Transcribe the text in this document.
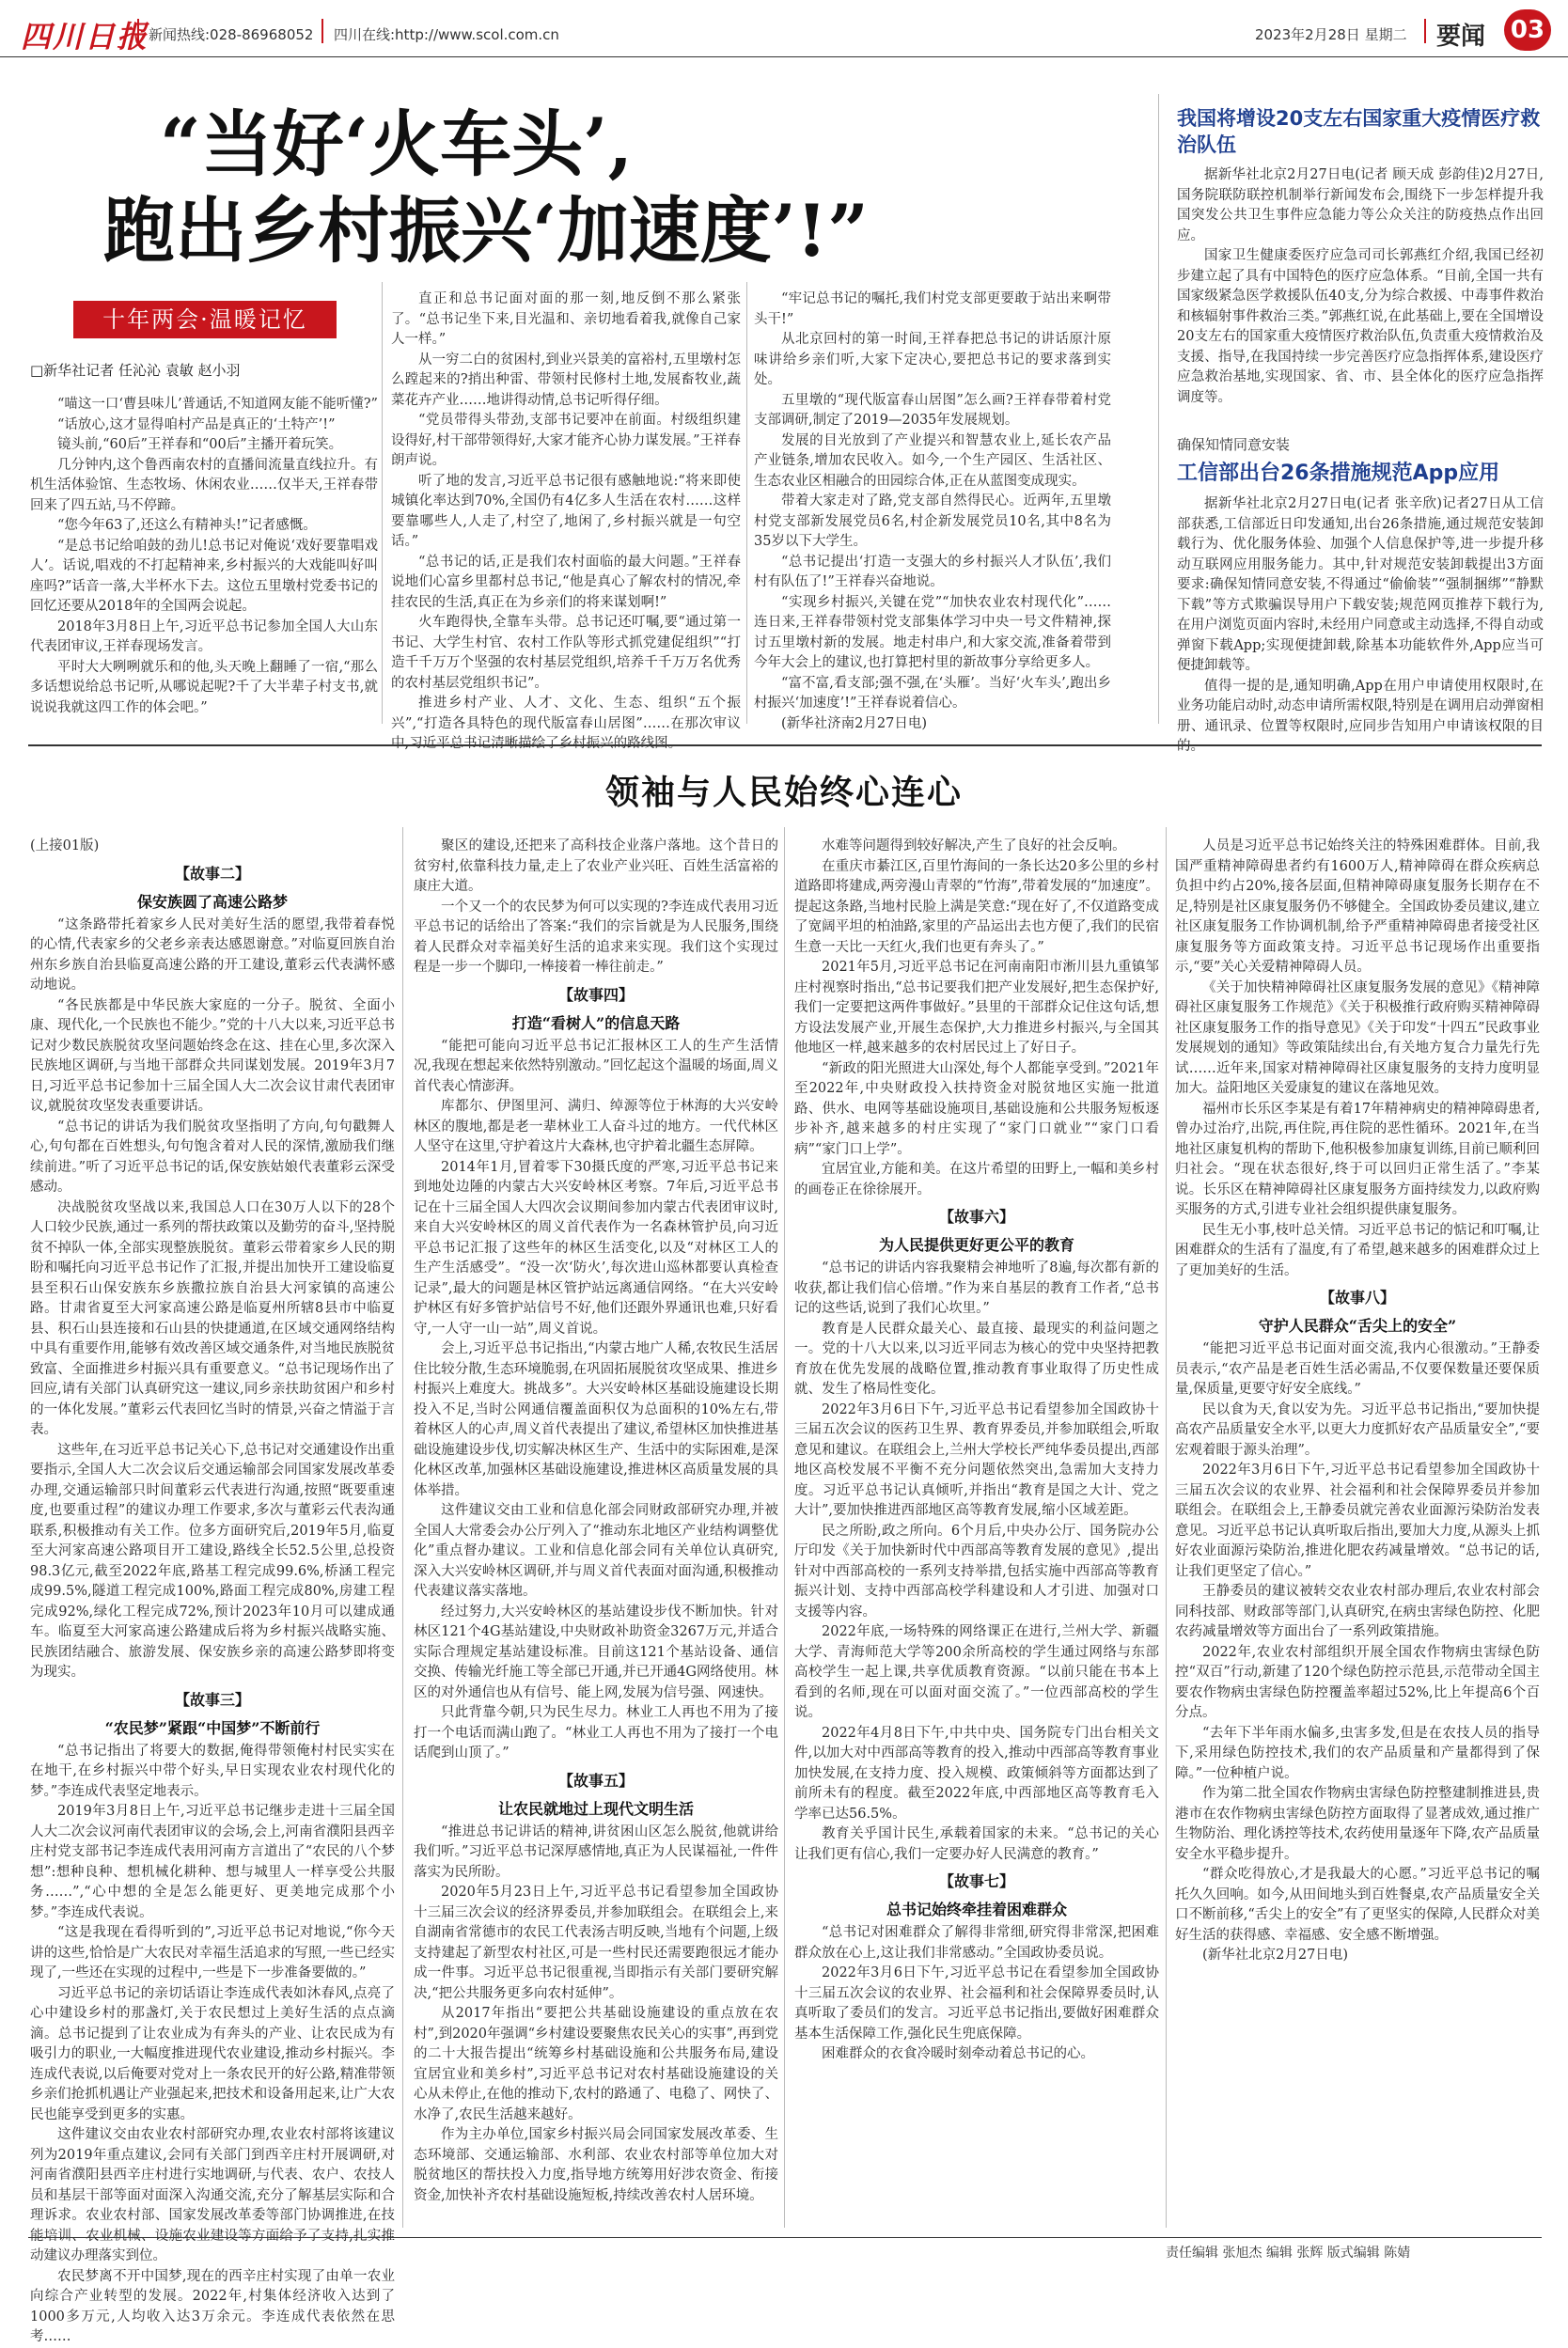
四川日报 新闻热线:028-86968052 四川在线:http://www.scol.com.cn	2023年2月28日 星期二 要闻 03
“当好‘火车头’,
跑出乡村振兴‘加速度’!”
十年两会·温暖记忆
□新华社记者 任沁沁 袁敏 赵小羽

“喵这一口‘曹县味儿’普通话,不知道网友能不能听懂?”

“话放心,这才显得咱村产品是真正的‘土特产’!”

镜头前,“60后”王祥春和“00后”主播开着玩笑。

几分钟内,这个鲁西南农村的直播间流量直线拉升。有机生活体验馆、生态牧场、休闲农业……仅半天,王祥春带回来了四五站,马不停蹄。

“您今年63了,还这么有精神头!”记者感慨。

“是总书记给咱鼓的劲儿!总书记对俺说‘戏好要靠唱戏人’。话说,唱戏的不打起精神来,乡村振兴的大戏能叫好叫座吗?”话音一落,大半杯水下去。这位五里墩村党委书记的回忆还要从2018年的全国两会说起。

2018年3月8日上午,习近平总书记参加全国人大山东代表团审议,王祥春现场发言。

平时大大咧咧就乐和的他,头天晚上翻睡了一宿,“那么多话想说给总书记听,从哪说起呢?千了大半辈子村支书,就说说我就这四工作的体会吧。”

直正和总书记面对面的那一刻,地反倒不那么紧张了。“总书记坐下来,目光温和、亲切地看着我,就像自己家人一样。”

从一穷二白的贫困村,到业兴景美的富裕村,五里墩村怎么蹚起来的?捎出种雷、带领村民修村土地,发展畜牧业,蔬菜花卉产业……地讲得动情,总书记听得仔细。

“党员带得头带劲,支部书记要冲在前面。村级组织建设得好,村干部带领得好,大家才能齐心协力谋发展。”王祥春朗声说。

听了地的发言,习近平总书记很有感触地说:“将来即使城镇化率达到70%,全国仍有4亿多人生活在农村……这样要靠哪些人,人走了,村空了,地闲了,乡村振兴就是一句空话。”

“总书记的话,正是我们农村面临的最大问题。”王祥春说地们心富乡里都村总书记,“他是真心了解农村的情况,牵挂农民的生活,真正在为乡亲们的将来谋划啊!”

火车跑得快,全靠车头带。总书记还叮嘱,要“通过第一书记、大学生村官、农村工作队等形式抓党建促组织”“打造千千万万个坚强的农村基层党组织,培养千千万万名优秀的农村基层党组织书记”。

推进乡村产业、人才、文化、生态、组织“五个振兴”,“打造各具特色的现代版富春山居图”……在那次审议中,习近平总书记清晰描绘了乡村振兴的路线图。

“牢记总书记的嘱托,我们村党支部更要敢于站出来啊带头干!”

从北京回村的第一时间,王祥春把总书记的讲话原汁原味讲给乡亲们听,大家下定决心,要把总书记的要求落到实处。

五里墩的“现代版富春山居图”怎么画?王祥春带着村党支部调研,制定了2019—2035年发展规划。

发展的目光放到了产业提兴和智慧农业上,延长农产品产业链条,增加农民收入。如今,一个生产园区、生活社区、生态农业区相融合的田园综合体,正在从蓝图变成现实。

带着大家走对了路,党支部自然得民心。近两年,五里墩村党支部新发展党员6名,村企新发展党员10名,其中8名为35岁以下大学生。

“总书记提出‘打造一支强大的乡村振兴人才队伍’,我们村有队伍了!”王祥春兴奋地说。

“实现乡村振兴,关键在党”“加快农业农村现代化”……连日来,王祥春带领村党支部集体学习中央一号文件精神,探讨五里墩村新的发展。地走村串户,和大家交流,准备着带到今年大会上的建议,也打算把村里的新故事分享给更多人。

“富不富,看支部;强不强,在‘头雁’。当好‘火车头’,跑出乡村振兴‘加速度’!”王祥春说着信心。

(新华社济南2月27日电)

我国将增设20支左右国家重大疫情医疗救治队伍

据新华社北京2月27日电(记者 顾天成 彭韵佳)2月27日,国务院联防联控机制举行新闻发布会,围绕下一步怎样提升我国突发公共卫生事件应急能力等公众关注的防疫热点作出回应。

国家卫生健康委医疗应急司司长郭燕红介绍,我国已经初步建立起了具有中国特色的医疗应急体系。“目前,全国一共有国家级紧急医学救援队伍40支,分为综合救援、中毒事件救治和核辐射事件救治三类。”郭燕红说,在此基础上,要在全国增设20支左右的国家重大疫情医疗救治队伍,负责重大疫情救治及支援、指导,在我国持续一步完善医疗应急指挥体系,建设医疗应急救治基地,实现国家、省、市、县全体化的医疗应急指挥调度等。

确保知情同意安装
工信部出台26条措施规范App应用

据新华社北京2月27日电(记者 张辛欣)记者27日从工信部获悉,工信部近日印发通知,出台26条措施,通过规范安装卸载行为、优化服务体验、加强个人信息保护等,进一步提升移动互联网应用服务能力。其中,针对规范安装卸载提出3方面要求:确保知情同意安装,不得通过“偷偷装”“强制捆绑”“静默下载”等方式欺骗误导用户下载安装;规范网页推荐下载行为,在用户浏览页面内容时,未经用户同意或主动选择,不得自动或弹窗下载App;实现便捷卸载,除基本功能软件外,App应当可便捷卸载等。

值得一提的是,通知明确,App在用户申请使用权限时,在业务功能启动时,动态申请所需权限,特别是在调用启动弹窗相册、通讯录、位置等权限时,应同步告知用户申请该权限的目的。

领袖与人民始终心连心

(上接01版)

【故事二】
保安族圆了高速公路梦

“这条路带托着家乡人民对美好生活的愿望,我带着春悦的心情,代表家乡的父老乡亲表达感恩谢意。”对临夏回族自治州东乡族自治县临夏高速公路的开工建设,董彩云代表满怀感动地说。

“各民族都是中华民族大家庭的一分子。脱贫、全面小康、现代化,一个民族也不能少。”党的十八大以来,习近平总书记对少数民族脱贫攻坚问题始终念在这、挂在心里,多次深入民族地区调研,与当地干部群众共同谋划发展。2019年3月7日,习近平总书记参加十三届全国人大二次会议甘肃代表团审议,就脱贫攻坚发表重要讲话。

“总书记的讲话为我们脱贫攻坚指明了方向,句句戳舞人心,句句都在百姓想头,句句饱含着对人民的深情,激励我们继续前进。”听了习近平总书记的话,保安族姑娘代表董彩云深受感动。

决战脱贫攻坚战以来,我国总人口在30万人以下的28个人口较少民族,通过一系列的帮扶政策以及勤劳的奋斗,坚持脱贫不掉队一体,全部实现整族脱贫。董彩云带着家乡人民的期盼和嘱托向习近平总书记作了汇报,并提出加快开工建设临夏县至积石山保安族东乡族撒拉族自治县大河家镇的高速公路。甘肃省夏至大河家高速公路是临夏州所辖8县市中临夏县、积石山县连接和石山县的快捷通道,在区域交通网络结构中具有重要作用,能够有效改善区域交通条件,对当地民族脱贫致富、全面推进乡村振兴具有重要意义。“总书记现场作出了回应,请有关部门认真研究这一建议,同乡亲扶助贫困户和乡村的一体化发展。”董彩云代表回忆当时的情景,兴奋之情溢于言表。

这些年,在习近平总书记关心下,总书记对交通建设作出重要指示,全国人大二次会议后交通运输部会同国家发展改革委办理,交通运输部只时间董彩云代表进行沟通,按照“既要重速度,也要重过程”的建议办理工作要求,多次与董彩云代表沟通联系,积极推动有关工作。位多方面研究后,2019年5月,临夏至大河家高速公路项目开工建设,路线全长52.5公里,总投资98.3亿元,截至2022年底,路基工程完成99.6%,桥涵工程完成99.5%,隧道工程完成100%,路面工程完成80%,房建工程完成92%,绿化工程完成72%,预计2023年10月可以建成通车。临夏至大河家高速公路建成后将为乡村振兴战略实施、民族团结融合、旅游发展、保安族乡亲的高速公路梦即将变为现实。

【故事三】
“农民梦”紧跟“中国梦”不断前行

“总书记指出了将要大的数据,俺得带领俺村村民实实在在地干,在乡村振兴中带个好头,早日实现农业农村现代化的梦。”李连成代表坚定地表示。

2019年3月8日上午,习近平总书记继步走进十三届全国人大二次会议河南代表团审议的会场,会上,河南省濮阳县西辛庄村党支部书记李连成代表用河南方言道出了“农民的八个梦想”:想种良种、想机械化耕种、想与城里人一样享受公共服务……”,“心中想的全是怎么能更好、更美地完成那个小梦。”李连成代表说。

“这是我现在看得听到的”,习近平总书记对地说,“你今天讲的这些,恰恰是广大农民对幸福生活追求的写照,一些已经实现了,一些还在实现的过程中,一些是下一步准备要做的。”

习近平总书记的亲切话语让李连成代表如沐春风,点亮了心中建设乡村的那盏灯,关于农民想过上美好生活的点点滴滴。总书记提到了让农业成为有奔头的产业、让农民成为有吸引力的职业,一大幅度推进现代农业建设,推动乡村振兴。李连成代表说,以后俺要对党对上一条农民开的好公路,精准带领乡亲们抢抓机遇让产业强起来,把技术和设备用起来,让广大农民也能享受到更多的实惠。

这件建议交由农业农村部研究办理,农业农村部将该建议列为2019年重点建议,会同有关部门到西辛庄村开展调研,对河南省濮阳县西辛庄村进行实地调研,与代表、农户、农技人员和基层干部等面对面深入沟通交流,充分了解基层实际和合理诉求。农业农村部、国家发展改革委等部门协调推进,在技能培训、农业机械、设施农业建设等方面给予了支持,扎实推动建议办理落实到位。

农民梦离不开中国梦,现在的西辛庄村实现了由单一农业向综合产业转型的发展。2022年,村集体经济收入达到了1000多万元,人均收入达3万余元。李连成代表依然在思考……

聚区的建设,还把来了高科技企业落户落地。这个昔日的贫穷村,依靠科技力量,走上了农业产业兴旺、百姓生活富裕的康庄大道。

一个又一个的农民梦为何可以实现的?李连成代表用习近平总书记的话给出了答案:“我们的宗旨就是为人民服务,围绕着人民群众对幸福美好生活的追求来实现。我们这个实现过程是一步一个脚印,一棒接着一棒往前走。”

【故事四】
打造“看树人”的信息天路

“能把可能向习近平总书记汇报林区工人的生产生活情况,我现在想起来依然特别激动。”回忆起这个温暖的场面,周义首代表心情澎湃。

库都尔、伊图里河、满归、绰源等位于林海的大兴安岭林区的腹地,都是老一辈林业工人奋斗过的地方。一代代林区人坚守在这里,守护着这片大森林,也守护着北疆生态屏障。

2014年1月,冒着零下30摄氏度的严寒,习近平总书记来到地处边陲的内蒙古大兴安岭林区考察。7年后,习近平总书记在十三届全国人大四次会议期间参加内蒙古代表团审议时,来自大兴安岭林区的周义首代表作为一名森林管护员,向习近平总书记汇报了这些年的林区生活变化,以及“对林区工人的生产生活感受”。“没一次‘防火’,每次进山巡林都要认真检查记录”,最大的问题是林区管护站远离通信网络。“在大兴安岭护林区有好多管护站信号不好,他们还跟外界通讯也难,只好看守,一人守一山一站”,周义首说。

会上,习近平总书记指出,“内蒙古地广人稀,农牧民生活居住比较分散,生态环境脆弱,在巩固拓展脱贫攻坚成果、推进乡村振兴上难度大。挑战多”。大兴安岭林区基础设施建设长期投入不足,当时公网通信覆盖面积仅为总面积的10%左右,带着林区人的心声,周义首代表提出了建议,希望林区加快推进基础设施建设步伐,切实解决林区生产、生活中的实际困难,是深化林区改革,加强林区基础设施建设,推进林区高质量发展的具体举措。

这件建议交由工业和信息化部会同财政部研究办理,并被全国人大常委会办公厅列入了“推动东北地区产业结构调整优化”重点督办建议。工业和信息化部会同有关单位认真研究,深入大兴安岭林区调研,并与周义首代表面对面沟通,积极推动代表建议落实落地。

经过努力,大兴安岭林区的基站建设步伐不断加快。针对林区121个4G基站建设,中央财政补助资金3267万元,并适合实际合理规定基站建设标准。目前这121个基站设备、通信交换、传输光纤施工等全部已开通,并已开通4G网络使用。林区的对外通信也从有信号、能上网,发展为信号强、网速快。

只此背靠今朝,只为民生尽力。林业工人再也不用为了接打一个电话而满山跑了。“林业工人再也不用为了接打一个电话爬到山顶了。”

【故事五】
让农民就地过上现代文明生活

“推进总书记讲话的精神,讲贫困山区怎么脱贫,他就讲给我们听。”习近平总书记深厚感情地,真正为人民谋福祉,一件件落实为民所盼。

2020年5月23日上午,习近平总书记看望参加全国政协十三届三次会议的经济界委员,并参加联组会。在联组会上,来自湖南省常德市的农民工代表汤吉明反映,当地有个问题,上级支持建起了新型农村社区,可是一些村民还需要跑很远才能办成一件事。习近平总书记很重视,当即指示有关部门要研究解决,“把公共服务更多向农村延伸”。

从2017年指出“要把公共基础设施建设的重点放在农村”,到2020年强调“乡村建设要聚焦农民关心的实事”,再到党的二十大报告提出“统筹乡村基础设施和公共服务布局,建设宜居宜业和美乡村”,习近平总书记对农村基础设施建设的关心从未停止,在他的推动下,农村的路通了、电稳了、网快了、水净了,农民生活越来越好。

作为主办单位,国家乡村振兴局会同国家发展改革委、生态环境部、交通运输部、水利部、农业农村部等单位加大对脱贫地区的帮扶投入力度,指导地方统筹用好涉农资金、衔接资金,加快补齐农村基础设施短板,持续改善农村人居环境。

水难等问题得到较好解决,产生了良好的社会反响。

在重庆市綦江区,百里竹海间的一条长达20多公里的乡村道路即将建成,两旁漫山青翠的“竹海”,带着发展的“加速度”。提起这条路,当地村民脸上满是笑意:“现在好了,不仅道路变成了宽阔平坦的柏油路,家里的产品运出去也方便了,我们的民宿生意一天比一天红火,我们也更有奔头了。”

2021年5月,习近平总书记在河南南阳市淅川县九重镇邹庄村视察时指出,“总书记要我们把产业发展好,把生态保护好,我们一定要把这两件事做好。”县里的干部群众记住这句话,想方设法发展产业,开展生态保护,大力推进乡村振兴,与全国其他地区一样,越来越多的农村居民过上了好日子。

“新政的阳光照进大山深处,每个人都能享受到。”2021年至2022年,中央财政投入扶持资金对脱贫地区实施一批道路、供水、电网等基础设施项目,基础设施和公共服务短板逐步补齐,越来越多的村庄实现了“家门口就业”“家门口看病”“家门口上学”。

宜居宜业,方能和美。在这片希望的田野上,一幅和美乡村的画卷正在徐徐展开。

【故事六】
为人民提供更好更公平的教育

“总书记的讲话内容我聚精会神地听了8遍,每次都有新的收获,都让我们信心倍增。”作为来自基层的教育工作者,“总书记的这些话,说到了我们心坎里。”

教育是人民群众最关心、最直接、最现实的利益问题之一。党的十八大以来,以习近平同志为核心的党中央坚持把教育放在优先发展的战略位置,推动教育事业取得了历史性成就、发生了格局性变化。

2022年3月6日下午,习近平总书记看望参加全国政协十三届五次会议的医药卫生界、教育界委员,并参加联组会,听取意见和建议。在联组会上,兰州大学校长严纯华委员提出,西部地区高校发展不平衡不充分问题依然突出,急需加大支持力度。习近平总书记认真倾听,并指出“教育是国之大计、党之大计”,要加快推进西部地区高等教育发展,缩小区域差距。

民之所盼,政之所向。6个月后,中央办公厅、国务院办公厅印发《关于加快新时代中西部高等教育发展的意见》,提出针对中西部高校的一系列支持举措,包括实施中西部高等教育振兴计划、支持中西部高校学科建设和人才引进、加强对口支援等内容。

2022年底,一场特殊的网络课正在进行,兰州大学、新疆大学、青海师范大学等200余所高校的学生通过网络与东部高校学生一起上课,共享优质教育资源。“以前只能在书本上看到的名师,现在可以面对面交流了。”一位西部高校的学生说。

2022年4月8日下午,中共中央、国务院专门出台相关文件,以加大对中西部高等教育的投入,推动中西部高等教育事业加快发展,在支持力度、投入规模、政策倾斜等方面都达到了前所未有的程度。截至2022年底,中西部地区高等教育毛入学率已达56.5%。

教育关乎国计民生,承载着国家的未来。“总书记的关心让我们更有信心,我们一定要办好人民满意的教育。”

【故事七】
总书记始终牵挂着困难群众

“总书记对困难群众了解得非常细,研究得非常深,把困难群众放在心上,这让我们非常感动。”全国政协委员说。

2022年3月6日下午,习近平总书记在看望参加全国政协十三届五次会议的农业界、社会福利和社会保障界委员时,认真听取了委员们的发言。习近平总书记指出,要做好困难群众基本生活保障工作,强化民生兜底保障。

困难群众的衣食冷暖时刻牵动着总书记的心。

人员是习近平总书记始终关注的特殊困难群体。目前,我国严重精神障碍患者约有1600万人,精神障碍在群众疾病总负担中约占20%,接各层面,但精神障碍康复服务长期存在不足,特别是社区康复服务仍不够健全。全国政协委员建议,建立社区康复服务工作协调机制,给予严重精神障碍患者接受社区康复服务等方面政策支持。习近平总书记现场作出重要指示,“要”关心关爱精神障碍人员。

《关于加快精神障碍社区康复服务发展的意见》《精神障碍社区康复服务工作规范》《关于积极推行政府购买精神障碍社区康复服务工作的指导意见》《关于印发“十四五”民政事业发展规划的通知》等政策陆续出台,有关地方复合力量先行先试……近年来,国家对精神障碍社区康复服务的支持力度明显加大。益阳地区关爱康复的建议在落地见效。

福州市长乐区李某是有着17年精神病史的精神障碍患者,曾办过治疗,出院,再住院,再住院的恶性循环。2021年,在当地社区康复机构的帮助下,他积极参加康复训练,目前已顺利回归社会。“现在状态很好,终于可以回归正常生活了。”李某说。长乐区在精神障碍社区康复服务方面持续发力,以政府购买服务的方式,引进专业社会组织提供康复服务。

民生无小事,枝叶总关情。习近平总书记的惦记和叮嘱,让困难群众的生活有了温度,有了希望,越来越多的困难群众过上了更加美好的生活。

【故事八】
守护人民群众“舌尖上的安全”

“能把习近平总书记面对面交流,我内心很激动。”王静委员表示,“农产品是老百姓生活必需品,不仅要保数量还要保质量,保质量,更要守好安全底线。”

民以食为天,食以安为先。习近平总书记指出,“要加快提高农产品质量安全水平,以更大力度抓好农产品质量安全”,“要宏观着眼于源头治理”。

2022年3月6日下午,习近平总书记看望参加全国政协十三届五次会议的农业界、社会福利和社会保障界委员并参加联组会。在联组会上,王静委员就完善农业面源污染防治发表意见。习近平总书记认真听取后指出,要加大力度,从源头上抓好农业面源污染防治,推进化肥农药减量增效。“总书记的话,让我们更坚定了信心。”

王静委员的建议被转交农业农村部办理后,农业农村部会同科技部、财政部等部门,认真研究,在病虫害绿色防控、化肥农药减量增效等方面出台了一系列政策措施。

2022年,农业农村部组织开展全国农作物病虫害绿色防控“双百”行动,新建了120个绿色防控示范县,示范带动全国主要农作物病虫害绿色防控覆盖率超过52%,比上年提高6个百分点。

“去年下半年雨水偏多,虫害多发,但是在农技人员的指导下,采用绿色防控技术,我们的农产品质量和产量都得到了保障。”一位种植户说。

作为第二批全国农作物病虫害绿色防控整建制推进县,贵港市在农作物病虫害绿色防控方面取得了显著成效,通过推广生物防治、理化诱控等技术,农药使用量逐年下降,农产品质量安全水平稳步提升。

“群众吃得放心,才是我最大的心愿。”习近平总书记的嘱托久久回响。如今,从田间地头到百姓餐桌,农产品质量安全关口不断前移,“舌尖上的安全”有了更坚实的保障,人民群众对美好生活的获得感、幸福感、安全感不断增强。

(新华社北京2月27日电)

责任编辑 张旭杰 编辑 张辉 版式编辑 陈婧
